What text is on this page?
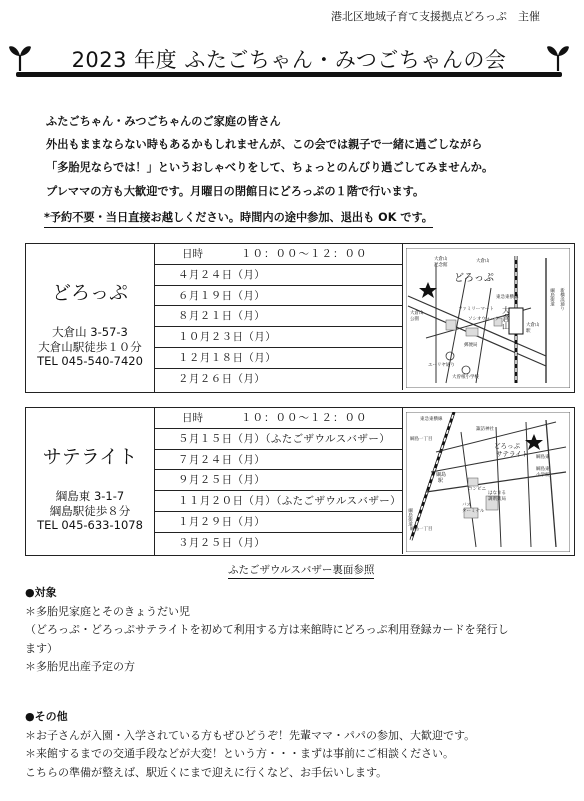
港北区地域子育て支援拠点どろっぷ　主催
2023 年度 ふたごちゃん・みつごちゃんの会
ふたごちゃん・みつごちゃんのご家庭の皆さん
外出もままならない時もあるかもしれませんが、この会では親子で一緒に過ごしながら
「多胎児ならでは！」というおしゃべりをして、ちょっとのんびり過ごしてみませんか。
プレママの方も大歓迎です。月曜日の閉館日にどろっぷの１階で行います。
*予約不要・当日直接お越しください。時間内の途中参加、退出も OK です。
どろっぷ
大倉山 3-57-3
大倉山駅徒歩１０分
TEL 045-540-7420
日時	１０：００～１２：００
４月２４日（月）
６月１９日（月）
８月２１日（月）
１０月２３日（月）
１２月１８日（月）
２月２６日（月）
どろっぷ
大倉山
大倉山
記念館
東急東横線
大倉山
ファミリーマート
ソシオウォーク
大倉山
公園
郵便局
大倉山
駅
エーリヤ通り
大曽根小学校
綱島街道 新横浜通り
サテライト
綱島東 3-1-7
綱島駅徒歩８分
TEL 045-633-1078
日時	１０：００～１２：００
５月１５日（月）（ふたごザウルスバザー）
７月２４日（月）
９月２５日（月）
１１月２０日（月）（ふたごザウルスバザー）
１月２９日（月）
３月２５日（月）
どろっぷ
サテライト
諏訪神社
綱島
駅
コンビニ
はなまる
調剤薬局
バス
ターミナル
綱島東
小学校
綱島街道
東急東横線
綱島一丁目
綱島東
綱島一丁目
ふたごザウルスバザー裏面参照
●対象
＊多胎児家庭とそのきょうだい児
（どろっぷ・どろっぷサテライトを初めて利用する方は来館時にどろっぷ利用登録カードを発行し
ます）
＊多胎児出産予定の方
●その他
＊お子さんが入園・入学されている方もぜひどうぞ！先輩ママ・パパの参加、大歓迎です。
＊来館するまでの交通手段などが大変！という方・・・まずは事前にご相談ください。
こちらの準備が整えば、駅近くにまで迎えに行くなど、お手伝いします。
